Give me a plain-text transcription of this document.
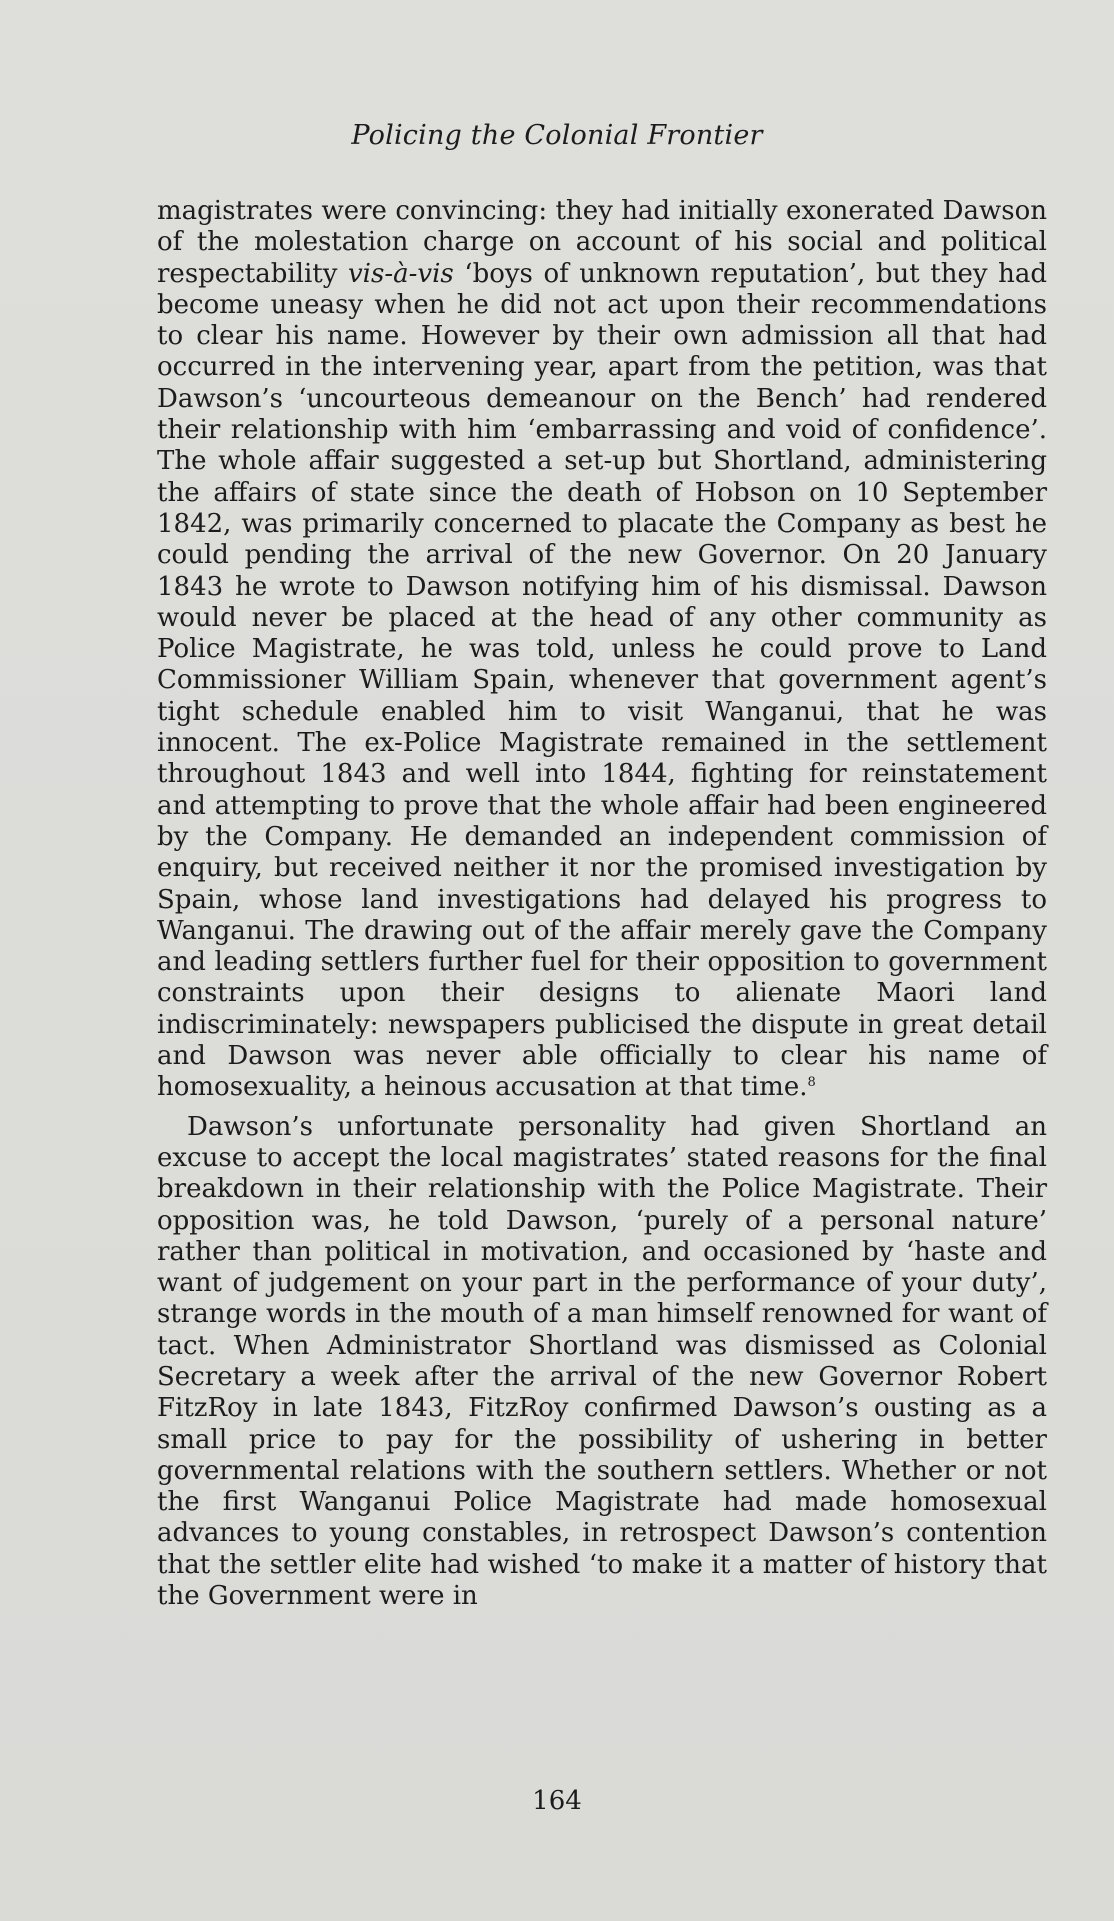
Policing the Colonial Frontier

magistrates were convincing: they had initially exonerated Dawson of the molestation charge on account of his social and political respectability vis-à-vis ‘boys of unknown reputation’, but they had become uneasy when he did not act upon their recommendations to clear his name. However by their own admission all that had occurred in the intervening year, apart from the petition, was that Dawson’s ‘uncourteous demeanour on the Bench’ had rendered their relationship with him ‘embarrassing and void of confidence’. The whole affair suggested a set-up but Shortland, administering the affairs of state since the death of Hobson on 10 September 1842, was primarily concerned to placate the Company as best he could pending the arrival of the new Governor. On 20 January 1843 he wrote to Dawson notifying him of his dismissal. Dawson would never be placed at the head of any other community as Police Magistrate, he was told, unless he could prove to Land Commissioner William Spain, whenever that government agent’s tight schedule enabled him to visit Wanganui, that he was innocent. The ex-Police Magistrate remained in the settlement throughout 1843 and well into 1844, fighting for reinstatement and attempting to prove that the whole affair had been engineered by the Company. He demanded an independent commission of enquiry, but received neither it nor the promised investigation by Spain, whose land investigations had delayed his progress to Wanganui. The drawing out of the affair merely gave the Company and leading settlers further fuel for their opposition to government constraints upon their designs to alienate Maori land indiscriminately: newspapers publicised the dispute in great detail and Dawson was never able officially to clear his name of homosexuality, a heinous accusation at that time.$^8$

Dawson’s unfortunate personality had given Shortland an excuse to accept the local magistrates’ stated reasons for the final breakdown in their relationship with the Police Magistrate. Their opposition was, he told Dawson, ‘purely of a personal nature’ rather than political in motivation, and occasioned by ‘haste and want of judgement on your part in the performance of your duty’, strange words in the mouth of a man himself renowned for want of tact. When Administrator Shortland was dismissed as Colonial Secretary a week after the arrival of the new Governor Robert FitzRoy in late 1843, FitzRoy confirmed Dawson’s ousting as a small price to pay for the possibility of ushering in better governmental relations with the southern settlers. Whether or not the first Wanganui Police Magistrate had made homosexual advances to young constables, in retrospect Dawson’s contention that the settler elite had wished ‘to make it a matter of history that the Government were in

164
